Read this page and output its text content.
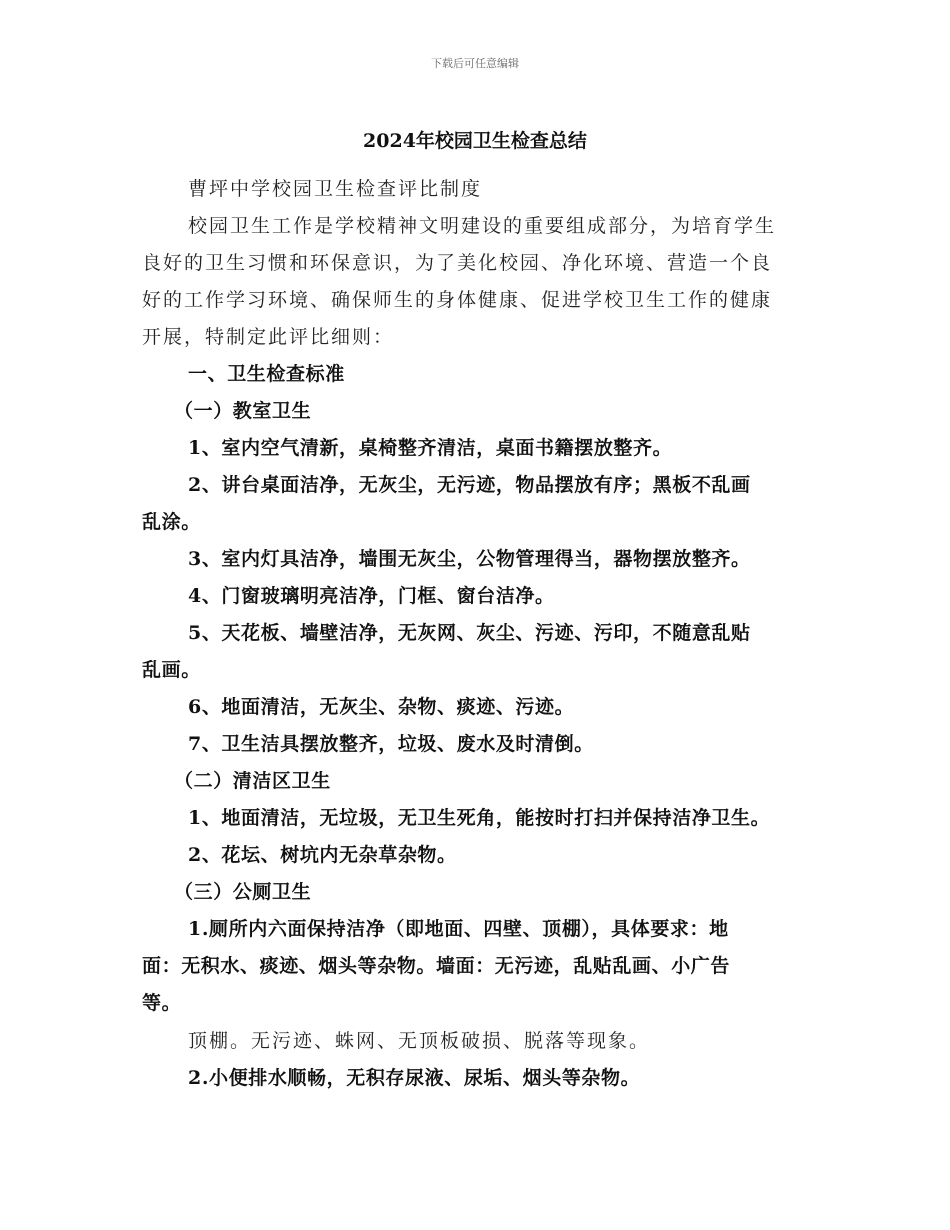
下载后可任意编辑
2024年校园卫生检查总结
曹坪中学校园卫生检查评比制度
校园卫生工作是学校精神文明建设的重要组成部分，为培育学生
良好的卫生习惯和环保意识，为了美化校园、净化环境、营造一个良
好的工作学习环境、确保师生的身体健康、促进学校卫生工作的健康
开展，特制定此评比细则：
一、卫生检查标准
（一）教室卫生
1、室内空气清新，桌椅整齐清洁，桌面书籍摆放整齐。
2、讲台桌面洁净，无灰尘，无污迹，物品摆放有序；黑板不乱画
乱涂。
3、室内灯具洁净，墙围无灰尘，公物管理得当，器物摆放整齐。
4、门窗玻璃明亮洁净，门框、窗台洁净。
5、天花板、墙壁洁净，无灰网、灰尘、污迹、污印，不随意乱贴
乱画。
6、地面清洁，无灰尘、杂物、痰迹、污迹。
7、卫生洁具摆放整齐，垃圾、废水及时清倒。
（二）清洁区卫生
1、地面清洁，无垃圾，无卫生死角，能按时打扫并保持洁净卫生。
2、花坛、树坑内无杂草杂物。
（三）公厕卫生
1.厕所内六面保持洁净（即地面、四壁、顶棚），具体要求：地
面：无积水、痰迹、烟头等杂物。墙面：无污迹，乱贴乱画、小广告
等。
顶棚。无污迹、蛛网、无顶板破损、脱落等现象。
2.小便排水顺畅，无积存尿液、尿垢、烟头等杂物。
